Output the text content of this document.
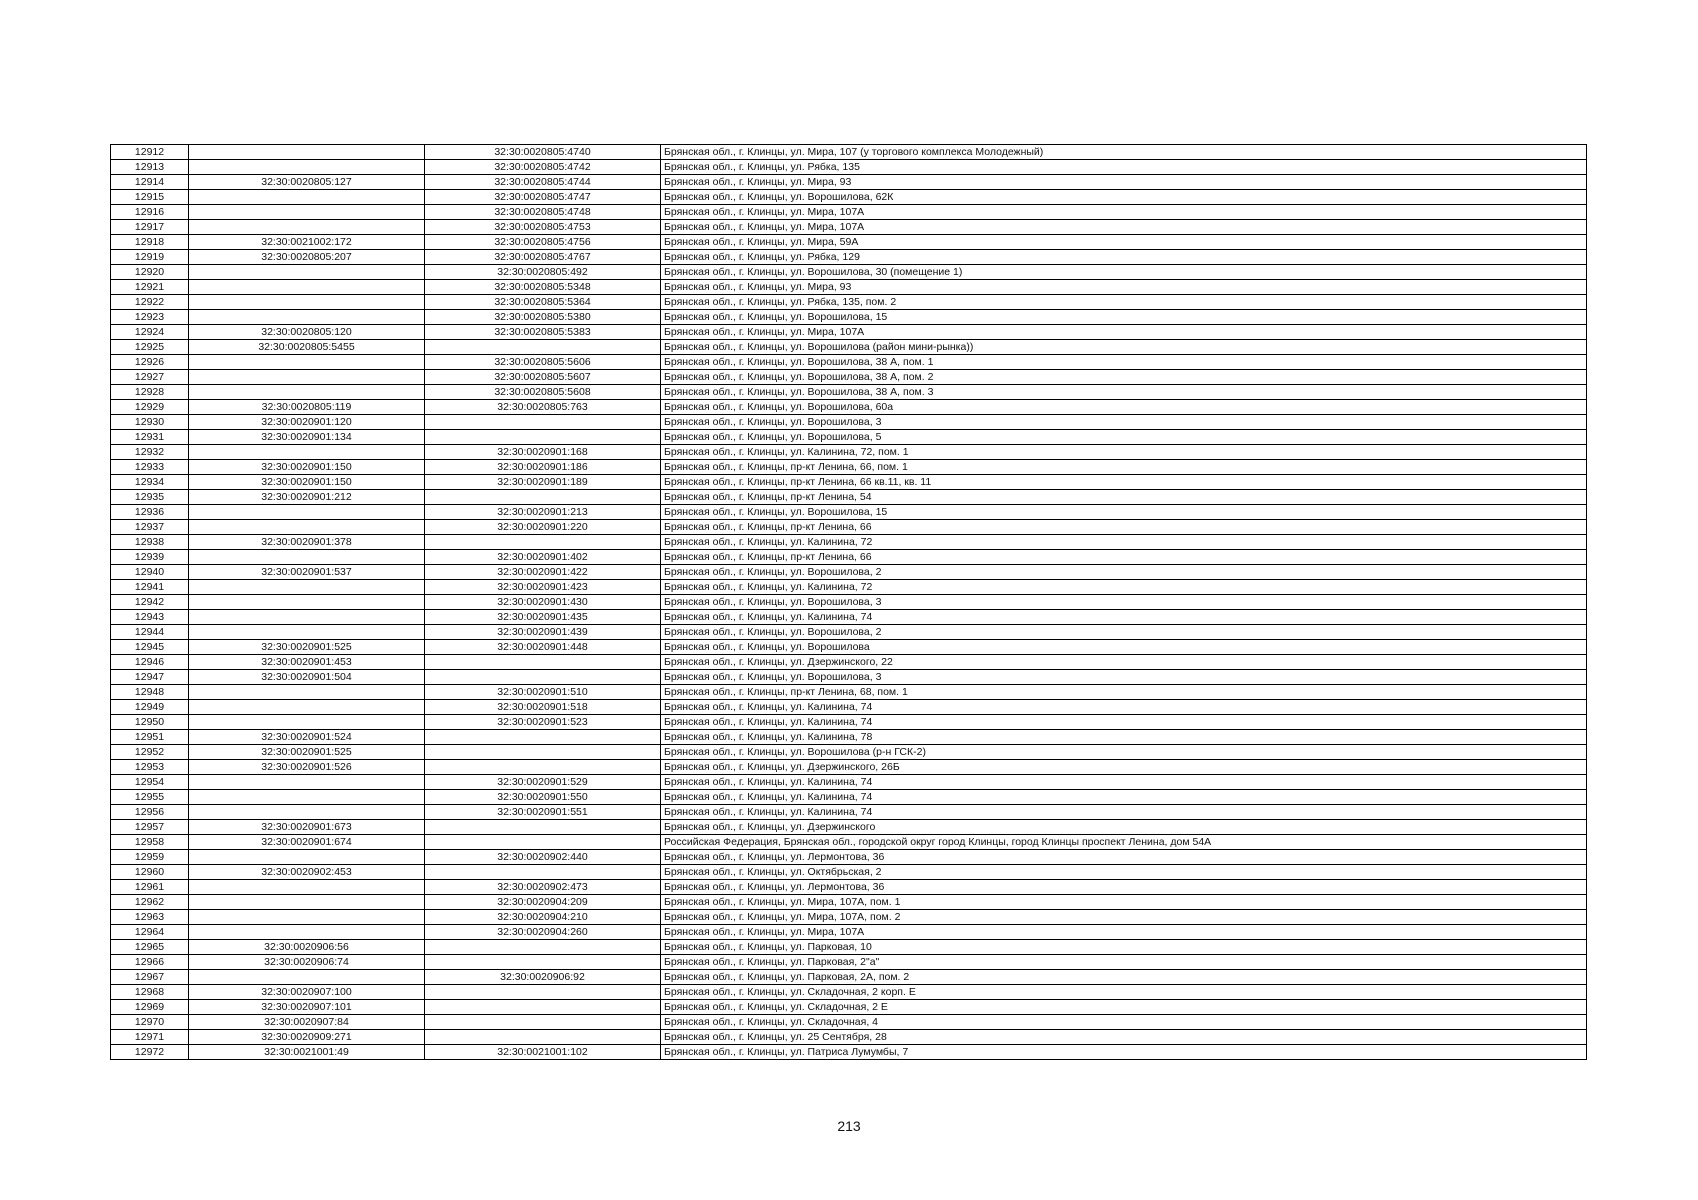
12912		32:30:0020805:4740	Брянская обл., г. Клинцы, ул. Мира, 107 (у торгового комплекса Молодежный)
12913		32:30:0020805:4742	Брянская обл., г. Клинцы, ул. Рябка, 135
12914	32:30:0020805:127	32:30:0020805:4744	Брянская обл., г. Клинцы, ул. Мира, 93
12915		32:30:0020805:4747	Брянская обл., г. Клинцы, ул. Ворошилова, 62К
12916		32:30:0020805:4748	Брянская обл., г. Клинцы, ул. Мира, 107А
12917		32:30:0020805:4753	Брянская обл., г. Клинцы, ул. Мира, 107А
12918	32:30:0021002:172	32:30:0020805:4756	Брянская обл., г. Клинцы, ул. Мира, 59А
12919	32:30:0020805:207	32:30:0020805:4767	Брянская обл., г. Клинцы, ул. Рябка, 129
12920		32:30:0020805:492	Брянская обл., г. Клинцы, ул. Ворошилова, 30 (помещение 1)
12921		32:30:0020805:5348	Брянская обл., г. Клинцы, ул. Мира, 93
12922		32:30:0020805:5364	Брянская обл., г. Клинцы, ул. Рябка, 135, пом. 2
12923		32:30:0020805:5380	Брянская обл., г. Клинцы, ул. Ворошилова, 15
12924	32:30:0020805:120	32:30:0020805:5383	Брянская обл., г. Клинцы, ул. Мира, 107А
12925	32:30:0020805:5455		Брянская обл., г. Клинцы, ул. Ворошилова (район мини-рынка))
12926		32:30:0020805:5606	Брянская обл., г. Клинцы, ул. Ворошилова, 38 А, пом. 1
12927		32:30:0020805:5607	Брянская обл., г. Клинцы, ул. Ворошилова, 38 А, пом. 2
12928		32:30:0020805:5608	Брянская обл., г. Клинцы, ул. Ворошилова, 38 А, пом. 3
12929	32:30:0020805:119	32:30:0020805:763	Брянская обл., г. Клинцы, ул. Ворошилова, 60а
12930	32:30:0020901:120		Брянская обл., г. Клинцы, ул. Ворошилова, 3
12931	32:30:0020901:134		Брянская обл., г. Клинцы, ул. Ворошилова, 5
12932		32:30:0020901:168	Брянская обл., г. Клинцы, ул. Калинина, 72, пом. 1
12933	32:30:0020901:150	32:30:0020901:186	Брянская обл., г. Клинцы, пр-кт Ленина, 66, пом. 1
12934	32:30:0020901:150	32:30:0020901:189	Брянская обл., г. Клинцы, пр-кт Ленина, 66 кв.11, кв. 11
12935	32:30:0020901:212		Брянская обл., г. Клинцы, пр-кт Ленина, 54
12936		32:30:0020901:213	Брянская обл., г. Клинцы, ул. Ворошилова, 15
12937		32:30:0020901:220	Брянская обл., г. Клинцы, пр-кт Ленина, 66
12938	32:30:0020901:378		Брянская обл., г. Клинцы, ул. Калинина, 72
12939		32:30:0020901:402	Брянская обл., г. Клинцы, пр-кт Ленина, 66
12940	32:30:0020901:537	32:30:0020901:422	Брянская обл., г. Клинцы, ул. Ворошилова, 2
12941		32:30:0020901:423	Брянская обл., г. Клинцы, ул. Калинина, 72
12942		32:30:0020901:430	Брянская обл., г. Клинцы, ул. Ворошилова, 3
12943		32:30:0020901:435	Брянская обл., г. Клинцы, ул. Калинина, 74
12944		32:30:0020901:439	Брянская обл., г. Клинцы, ул. Ворошилова, 2
12945	32:30:0020901:525	32:30:0020901:448	Брянская обл., г. Клинцы, ул. Ворошилова
12946	32:30:0020901:453		Брянская обл., г. Клинцы, ул. Дзержинского, 22
12947	32:30:0020901:504		Брянская обл., г. Клинцы, ул. Ворошилова, 3
12948		32:30:0020901:510	Брянская обл., г. Клинцы, пр-кт Ленина, 68, пом. 1
12949		32:30:0020901:518	Брянская обл., г. Клинцы, ул. Калинина, 74
12950		32:30:0020901:523	Брянская обл., г. Клинцы, ул. Калинина, 74
12951	32:30:0020901:524		Брянская обл., г. Клинцы, ул. Калинина, 78
12952	32:30:0020901:525		Брянская обл., г. Клинцы, ул. Ворошилова (р-н ГСК-2)
12953	32:30:0020901:526		Брянская обл., г. Клинцы, ул. Дзержинского, 26Б
12954		32:30:0020901:529	Брянская обл., г. Клинцы, ул. Калинина, 74
12955		32:30:0020901:550	Брянская обл., г. Клинцы, ул. Калинина, 74
12956		32:30:0020901:551	Брянская обл., г. Клинцы, ул. Калинина, 74
12957	32:30:0020901:673		Брянская обл., г. Клинцы, ул. Дзержинского
12958	32:30:0020901:674		Российская Федерация, Брянская обл., городской округ город Клинцы, город Клинцы проспект Ленина, дом 54А
12959		32:30:0020902:440	Брянская обл., г. Клинцы, ул. Лермонтова, 36
12960	32:30:0020902:453		Брянская обл., г. Клинцы, ул. Октябрьская, 2
12961		32:30:0020902:473	Брянская обл., г. Клинцы, ул. Лермонтова, 36
12962		32:30:0020904:209	Брянская обл., г. Клинцы, ул. Мира, 107А, пом. 1
12963		32:30:0020904:210	Брянская обл., г. Клинцы, ул. Мира, 107А, пом. 2
12964		32:30:0020904:260	Брянская обл., г. Клинцы, ул. Мира, 107А
12965	32:30:0020906:56		Брянская обл., г. Клинцы, ул. Парковая, 10
12966	32:30:0020906:74		Брянская обл., г. Клинцы, ул. Парковая, 2"а"
12967		32:30:0020906:92	Брянская обл., г. Клинцы, ул. Парковая, 2А, пом. 2
12968	32:30:0020907:100		Брянская обл., г. Клинцы, ул. Складочная, 2 корп. Е
12969	32:30:0020907:101		Брянская обл., г. Клинцы, ул. Складочная, 2 Е
12970	32:30:0020907:84		Брянская обл., г. Клинцы, ул. Складочная, 4
12971	32:30:0020909:271		Брянская обл., г. Клинцы, ул. 25 Сентября, 28
12972	32:30:0021001:49	32:30:0021001:102	Брянская обл., г. Клинцы, ул. Патриса Лумумбы, 7
213
